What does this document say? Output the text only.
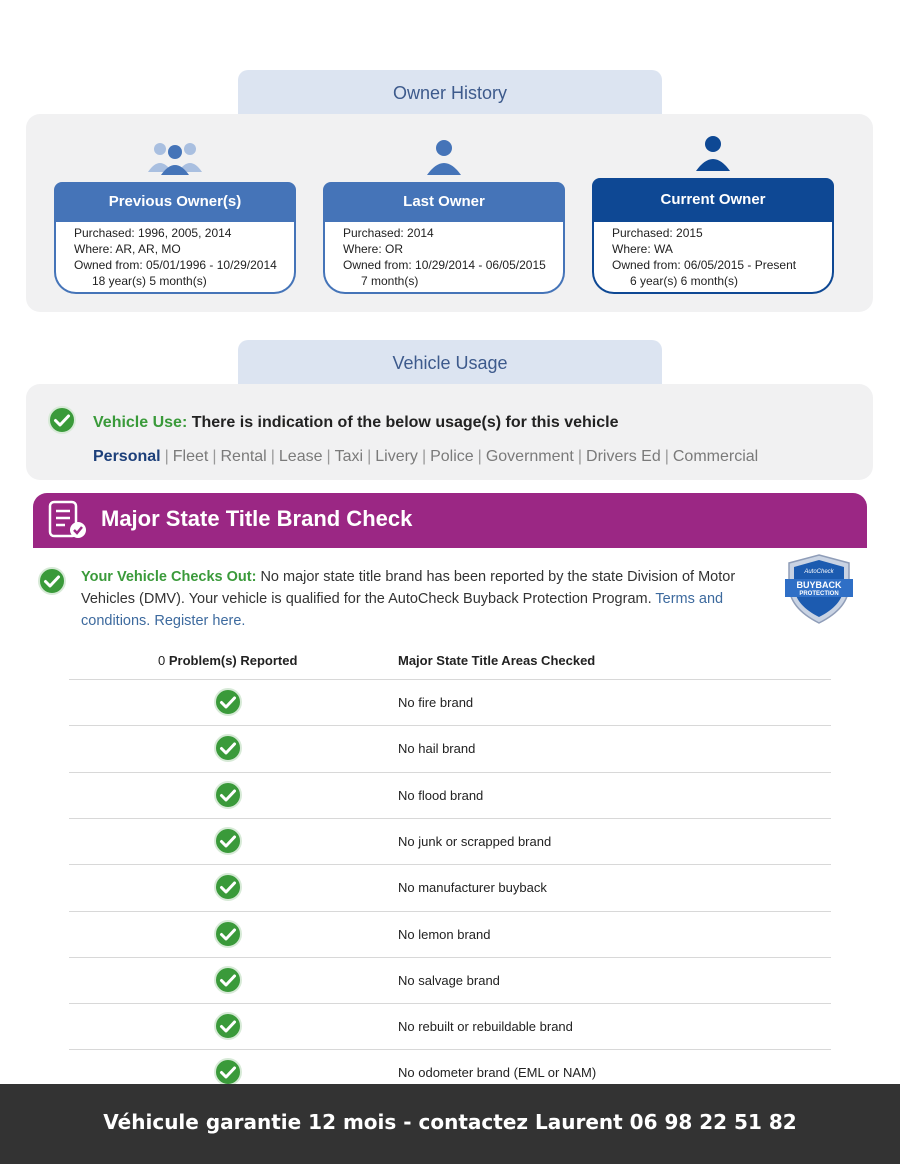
Owner History
Previous Owner(s)
Purchased: 1996, 2005, 2014
Where: AR, AR, MO
Owned from: 05/01/1996 - 10/29/2014
18 year(s) 5 month(s)
Last Owner
Purchased: 2014
Where: OR
Owned from: 10/29/2014 - 06/05/2015
7 month(s)
Current Owner
Purchased: 2015
Where: WA
Owned from: 06/05/2015 - Present
6 year(s) 6 month(s)
Vehicle Usage
Vehicle Use: There is indication of the below usage(s) for this vehicle
Personal | Fleet | Rental | Lease | Taxi | Livery | Police | Government | Drivers Ed | Commercial
Major State Title Brand Check
Your Vehicle Checks Out: No major state title brand has been reported by the state Division of Motor Vehicles (DMV). Your vehicle is qualified for the AutoCheck Buyback Protection Program. Terms and conditions. Register here.
AutoCheck
BUYBACK
PROTECTION
0 Problem(s) Reported	Major State Title Areas Checked
No fire brand
No hail brand
No flood brand
No junk or scrapped brand
No manufacturer buyback
No lemon brand
No salvage brand
No rebuilt or rebuildable brand
No odometer brand (EML or NAM)
Véhicule garantie 12 mois - contactez Laurent 06 98 22 51 82
